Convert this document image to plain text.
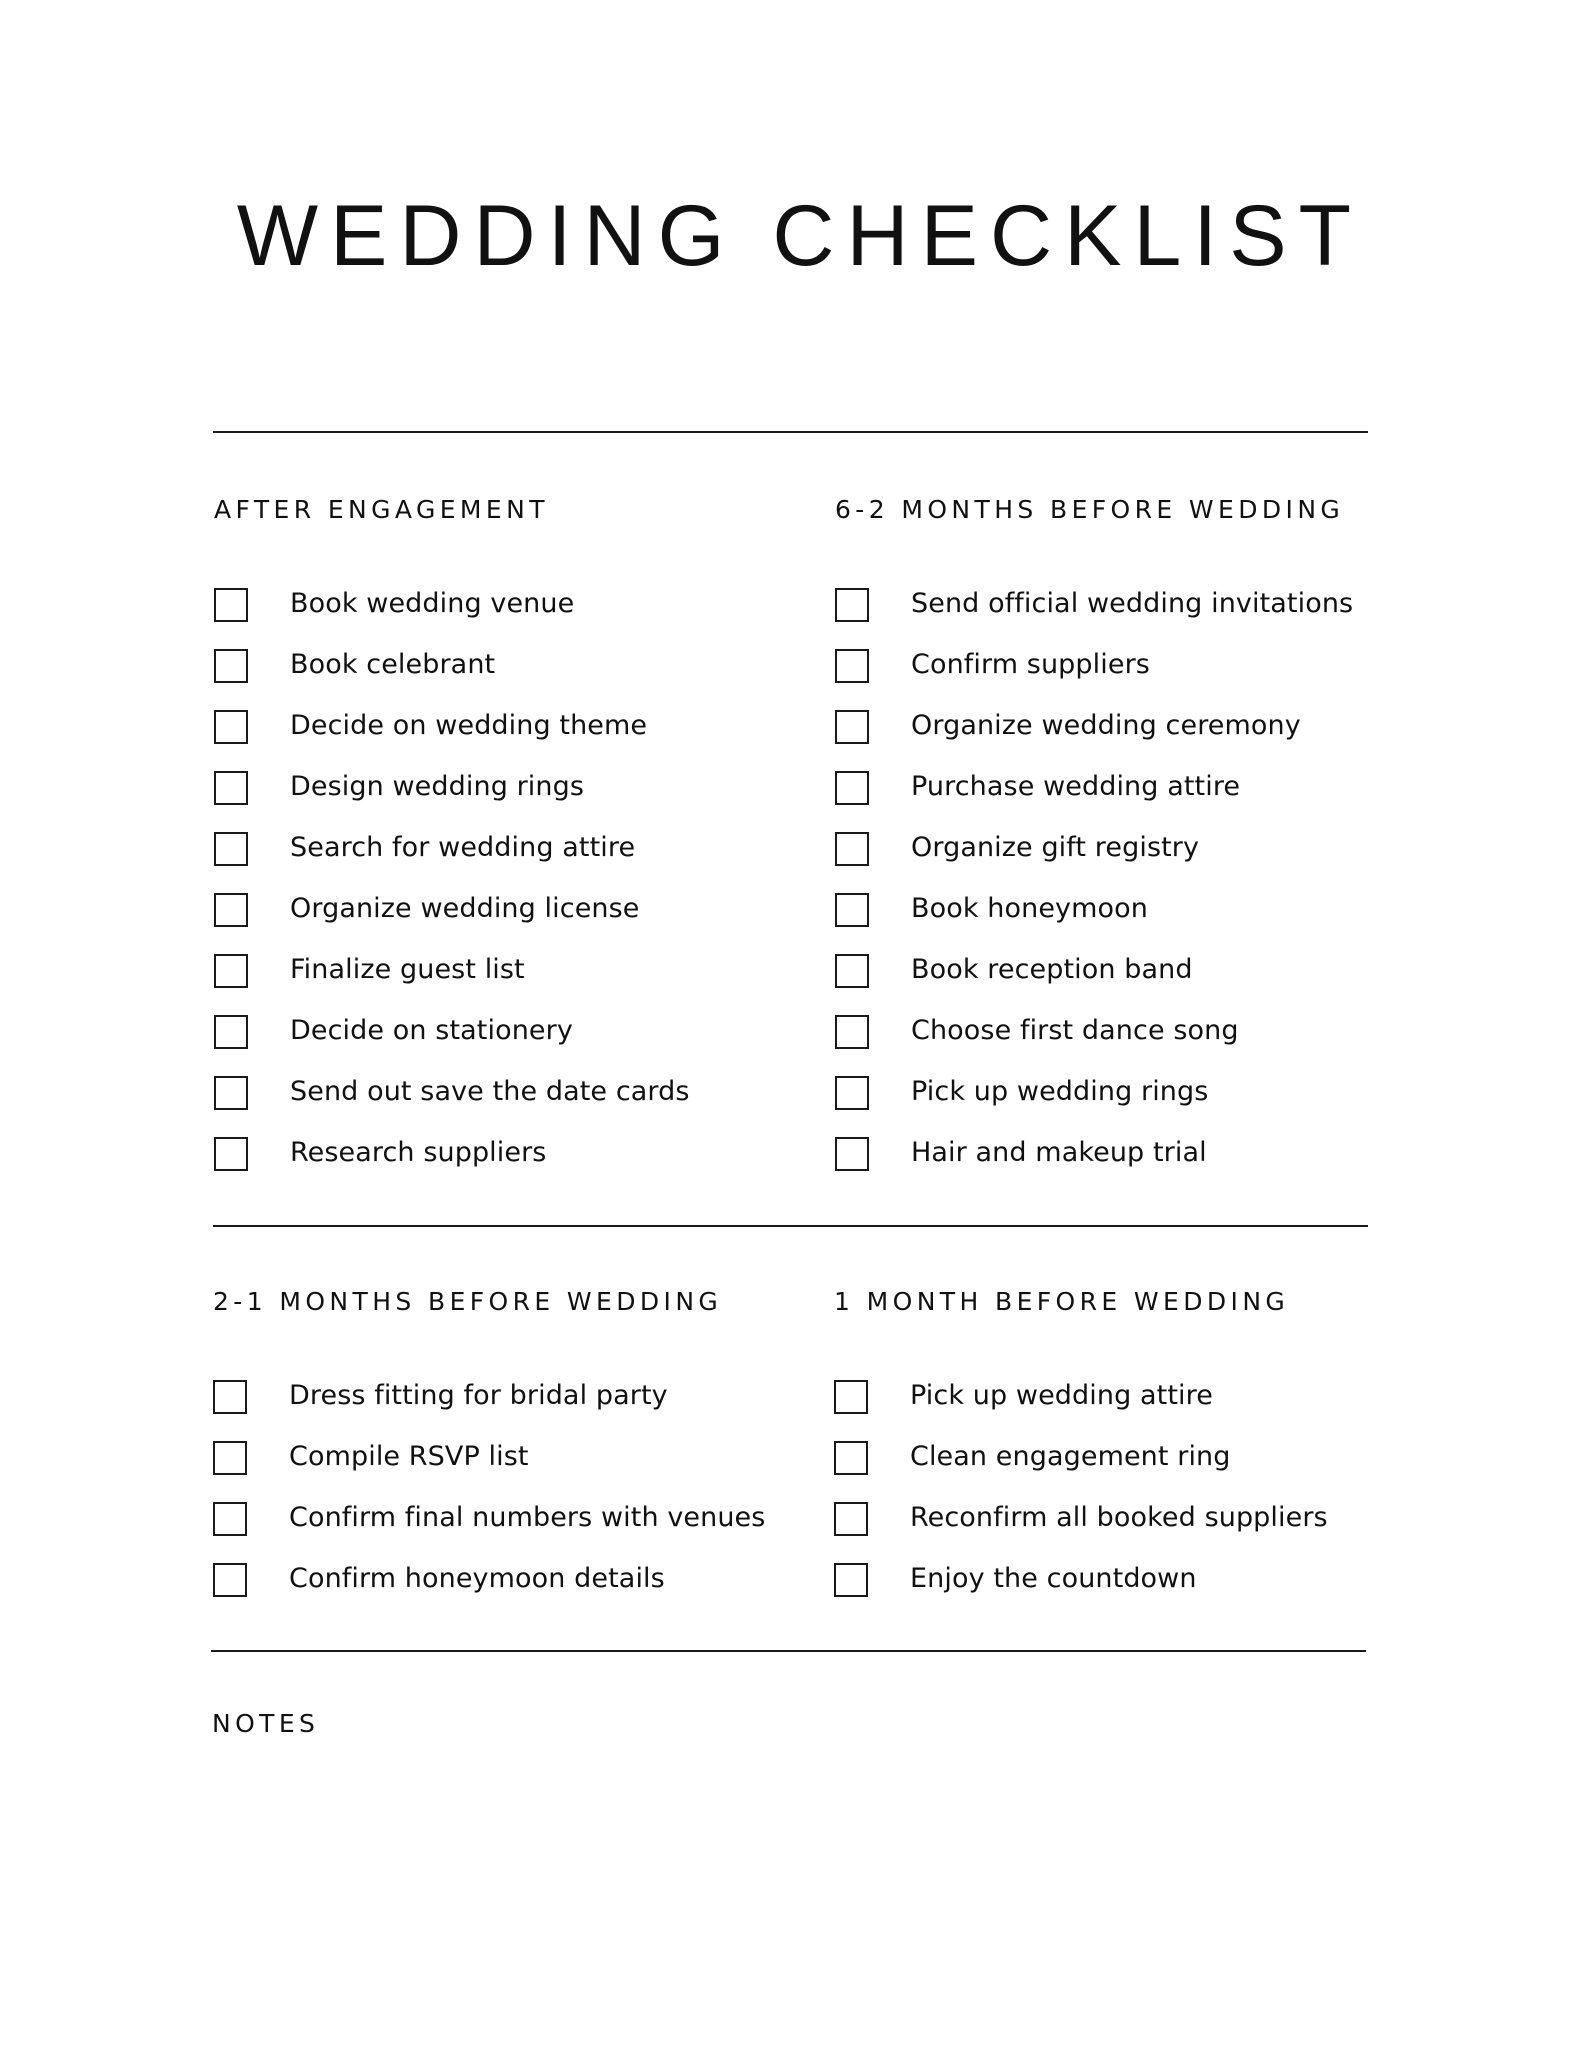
WEDDING CHECKLIST
AFTER ENGAGEMENT
Book wedding venue
Book celebrant
Decide on wedding theme
Design wedding rings
Search for wedding attire
Organize wedding license
Finalize guest list
Decide on stationery
Send out save the date cards
Research suppliers
6-2 MONTHS BEFORE WEDDING
Send official wedding invitations
Confirm suppliers
Organize wedding ceremony
Purchase wedding attire
Organize gift registry
Book honeymoon
Book reception band
Choose first dance song
Pick up wedding rings
Hair and makeup trial
2-1 MONTHS BEFORE WEDDING
Dress fitting for bridal party
Compile RSVP list
Confirm final numbers with venues
Confirm honeymoon details
1 MONTH BEFORE WEDDING
Pick up wedding attire
Clean engagement ring
Reconfirm all booked suppliers
Enjoy the countdown
NOTES
